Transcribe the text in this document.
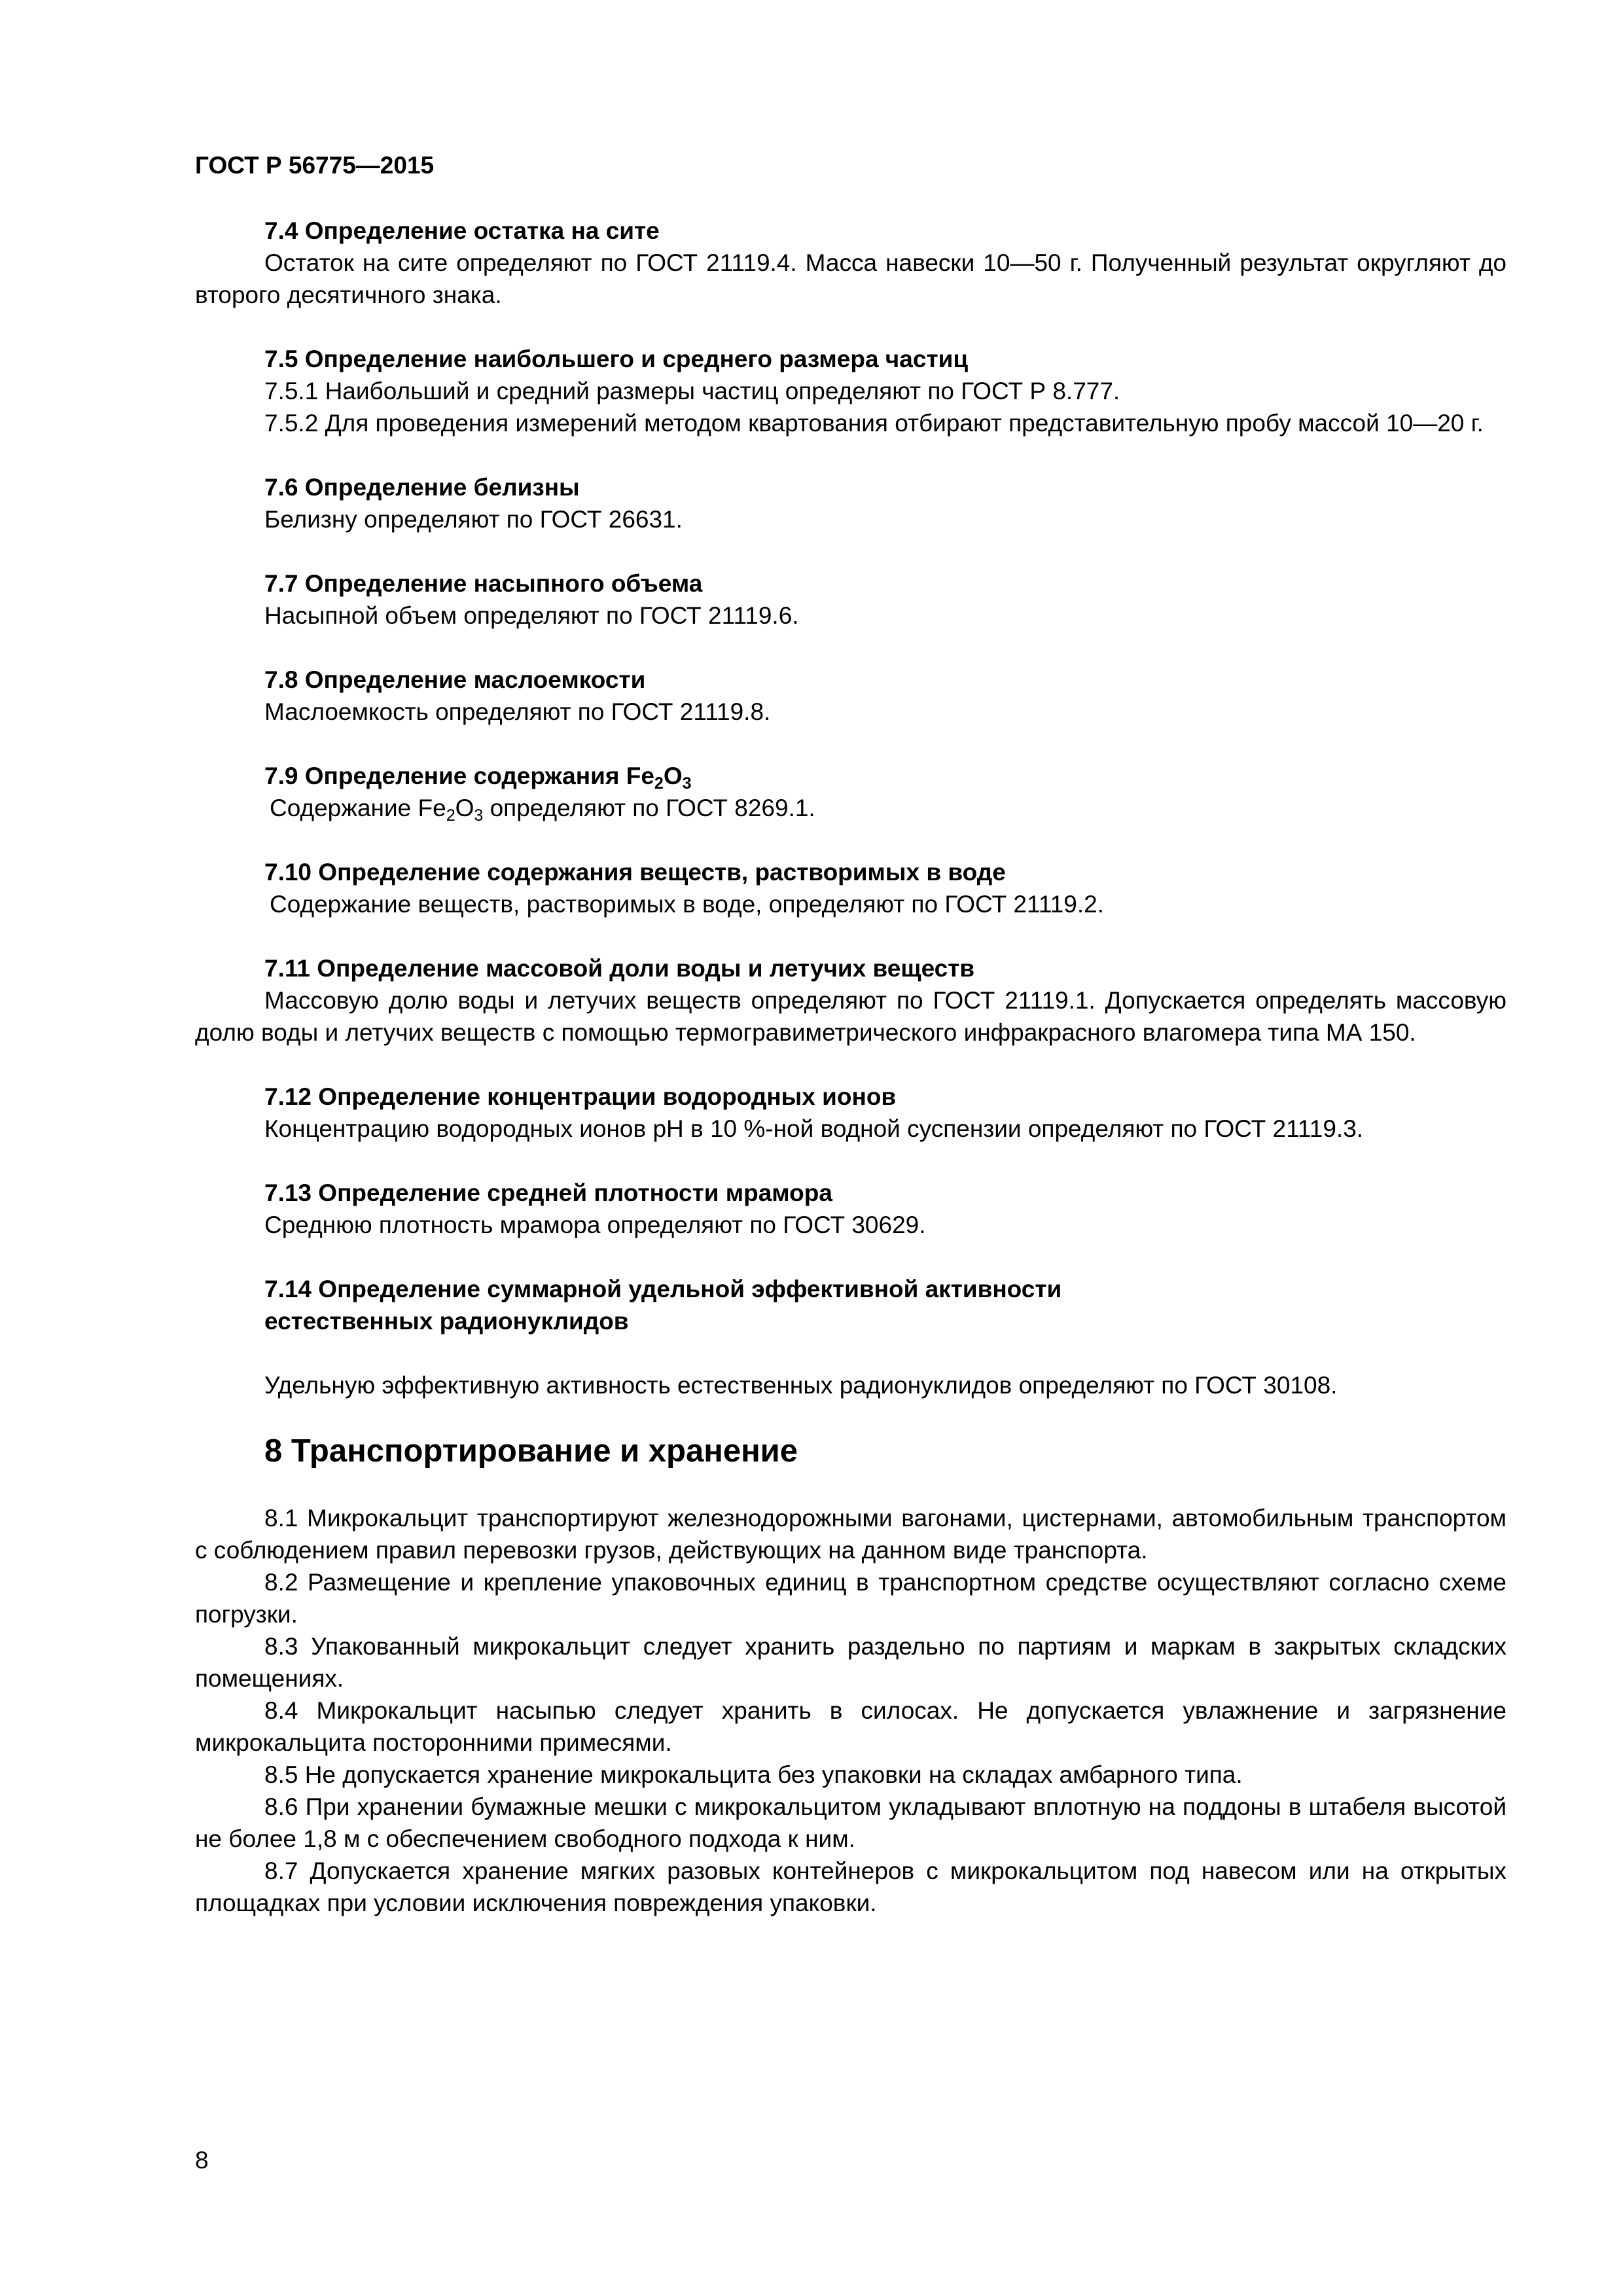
ГОСТ Р 56775—2015

7.4 Определение остатка на сите

Остаток на сите определяют по ГОСТ 21119.4. Масса навески 10—50 г. Полученный результат округляют до второго десятичного знака.

7.5 Определение наибольшего и среднего размера частиц

7.5.1 Наибольший и средний размеры частиц определяют по ГОСТ Р 8.777.

7.5.2 Для проведения измерений методом квартования отбирают представительную пробу массой 10—20 г.

7.6 Определение белизны

Белизну определяют по ГОСТ 26631.

7.7 Определение насыпного объема

Насыпной объем определяют по ГОСТ 21119.6.

7.8 Определение маслоемкости

Маслоемкость определяют по ГОСТ 21119.8.

7.9 Определение содержания $Fe_2O_3$

Содержание $Fe_2O_3$ определяют по ГОСТ 8269.1.

7.10 Определение содержания веществ, растворимых в воде

Содержание веществ, растворимых в воде, определяют по ГОСТ 21119.2.

7.11 Определение массовой доли воды и летучих веществ

Массовую долю воды и летучих веществ определяют по ГОСТ 21119.1. Допускается определять массовую долю воды и летучих веществ с помощью термогравиметрического инфракрасного влагомера типа МА 150.

7.12 Определение концентрации водородных ионов

Концентрацию водородных ионов pH в 10 %-ной водной суспензии определяют по ГОСТ 21119.3.

7.13 Определение средней плотности мрамора

Среднюю плотность мрамора определяют по ГОСТ 30629.

7.14 Определение суммарной удельной эффективной активности

естественных радионуклидов

Удельную эффективную активность естественных радионуклидов определяют по ГОСТ 30108.

8 Транспортирование и хранение

8.1 Микрокальцит транспортируют железнодорожными вагонами, цистернами, автомобильным транспортом с соблюдением правил перевозки грузов, действующих на данном виде транспорта.

8.2 Размещение и крепление упаковочных единиц в транспортном средстве осуществляют согласно схеме погрузки.

8.3 Упакованный микрокальцит следует хранить раздельно по партиям и маркам в закрытых складских помещениях.

8.4 Микрокальцит насыпью следует хранить в силосах. Не допускается увлажнение и загрязнение микрокальцита посторонними примесями.

8.5 Не допускается хранение микрокальцита без упаковки на складах амбарного типа.

8.6 При хранении бумажные мешки с микрокальцитом укладывают вплотную на поддоны в штабеля высотой не более 1,8 м с обеспечением свободного подхода к ним.

8.7 Допускается хранение мягких разовых контейнеров с микрокальцитом под навесом или на открытых площадках при условии исключения повреждения упаковки.

8
